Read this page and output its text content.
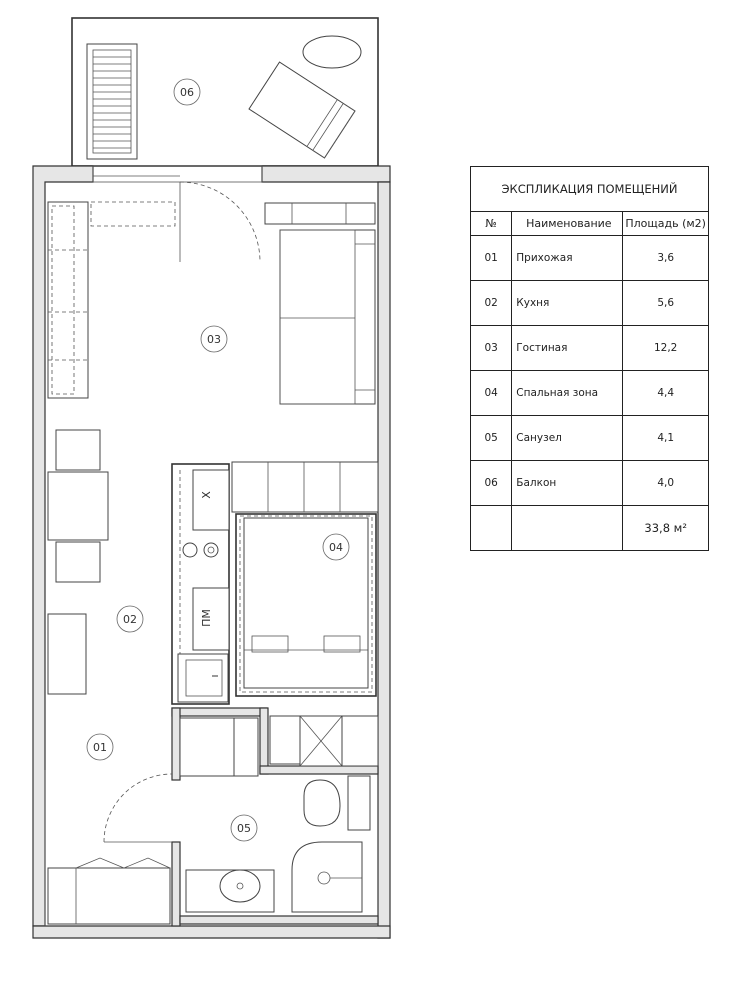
Х
ПМ
06
03
04
02
01
05
ЭКСПЛИКАЦИЯ ПОМЕЩЕНИЙ		
№	Наименование	Площадь (м2)
01	Прихожая	3,6
02	Кухня	5,6
03	Гостиная	12,2
04	Спальная зона	4,4
05	Санузел	4,1
06	Балкон	4,0
		33,8 м²
